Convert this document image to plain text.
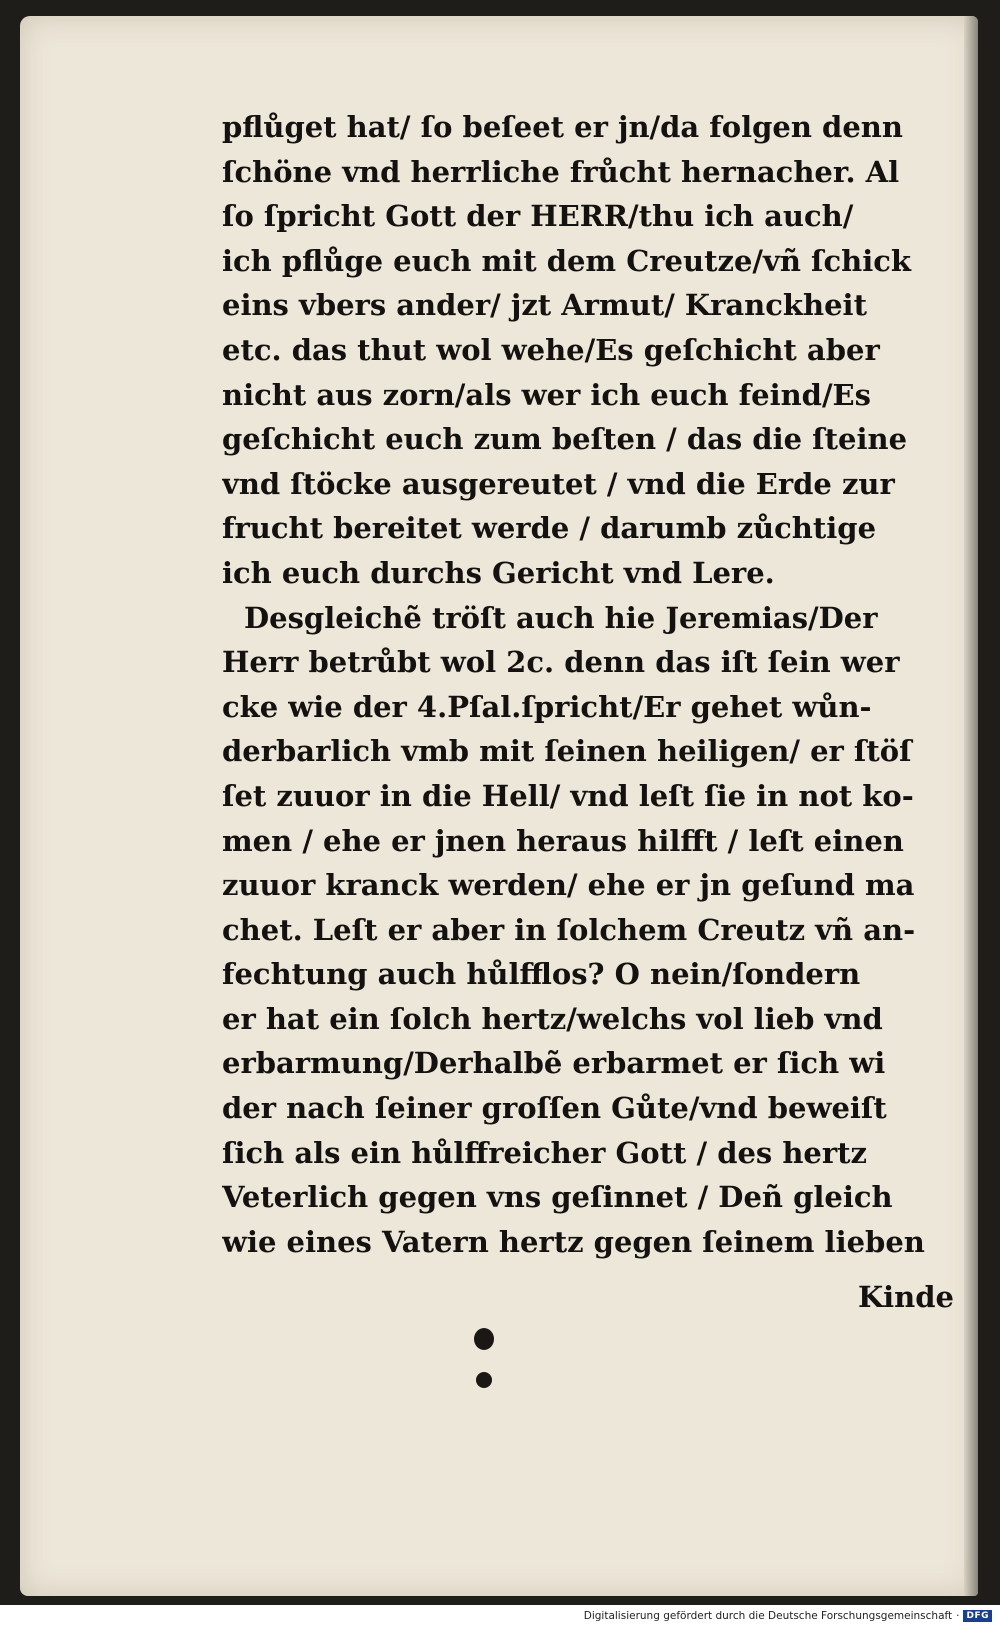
pflůget hat/ ſo beſeet er jn/da folgen denn
ſchöne vnd herrliche frůcht hernacher. Al
ſo ſpricht Gott der HERR/thu ich auch/
ich pflůge euch mit dem Creutze/vñ ſchick
eins vbers ander/ jzt Armut/ Kranckheit
etc. das thut wol wehe/Es geſchicht aber
nicht aus zorn/als wer ich euch feind/Es
geſchicht euch zum beſten / das die ſteine
vnd ſtöcke ausgereutet / vnd die Erde zur
frucht bereitet werde / darumb zůchtige
ich euch durchs Gericht vnd Lere.
Desgleichẽ tröſt auch hie Jeremias/Der
Herr betrůbt wol 2c. denn das iſt ſein wer
cke wie der 4.Pſal.ſpricht/Er gehet wůn-
derbarlich vmb mit ſeinen heiligen/ er ſtöſ
ſet zuuor in die Hell/ vnd leſt ſie in not ko-
men / ehe er jnen heraus hilfft / leſt einen
zuuor kranck werden/ ehe er jn geſund ma
chet. Leſt er aber in ſolchem Creutz vñ an-
fechtung auch hůlfflos? O nein/ſondern
er hat ein ſolch hertz/welchs vol lieb vnd
erbarmung/Derhalbẽ erbarmet er ſich wi
der nach ſeiner groſſen Gůte/vnd beweiſt
ſich als ein hůlffreicher Gott / des hertz
Veterlich gegen vns geſinnet / Deñ gleich
wie eines Vatern hertz gegen ſeinem lieben
Kinde
Digitalisierung gefördert durch die Deutsche Forschungsgemeinschaft · DFG
